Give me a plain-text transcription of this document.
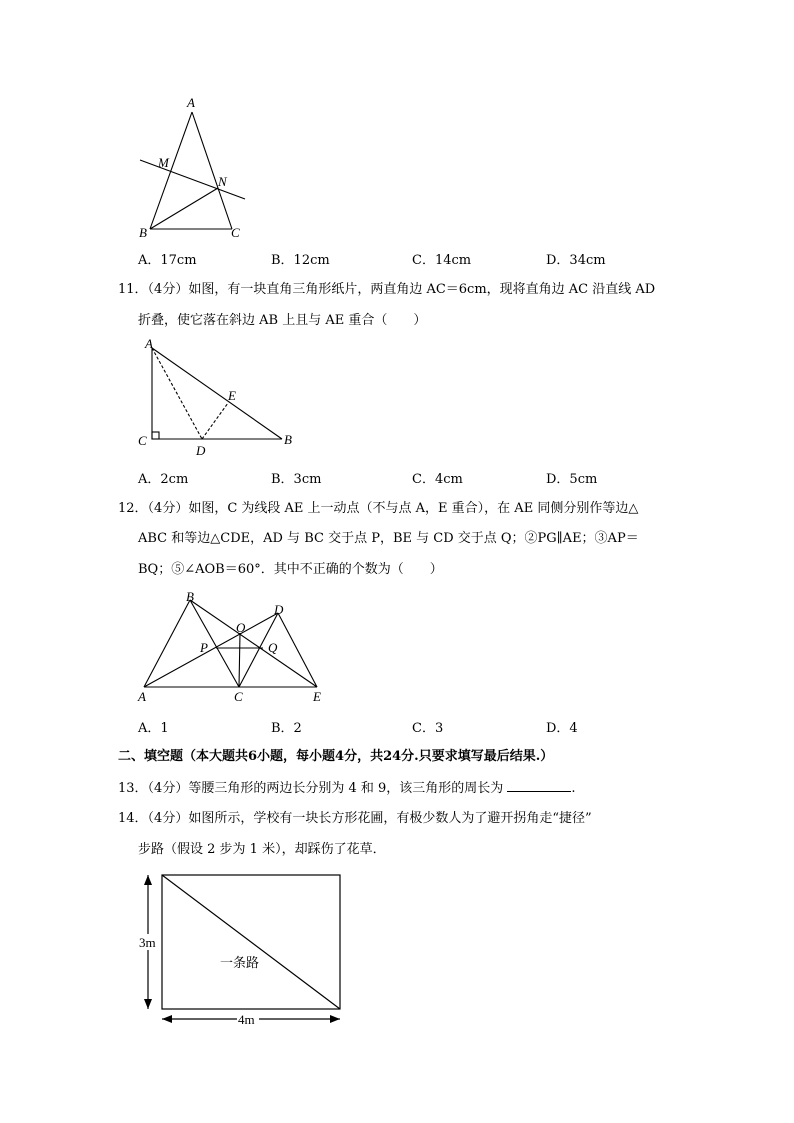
A
M
N
B	C
A．17cm	B．12cm	C．14cm	D．34cm
11．（4分）如图，有一块直角三角形纸片，两直角边 AC＝6cm，现将直角边 AC 沿直线 AD
折叠，使它落在斜边 AB 上且与 AE 重合（　　）
A
E
C
D
B
A．2cm	B．3cm	C．4cm	D．5cm
12．（4分）如图，C 为线段 AE 上一动点（不与点 A，E 重合），在 AE 同侧分别作等边△
ABC 和等边△CDE，AD 与 BC 交于点 P，BE 与 CD 交于点 Q；②PG∥AE；③AP＝
BQ；⑤∠AOB＝60°．其中不正确的个数为（　　）
B
D
O
P	Q
A	C	E
A．1	B．2	C．3	D．4
二、填空题（本大题共6小题，每小题4分，共24分.只要求填写最后结果.）
13．（4分）等腰三角形的两边长分别为 4 和 9，该三角形的周长为	.
14．（4分）如图所示，学校有一块长方形花圃，有极少数人为了避开拐角走“捷径”
步路（假设 2 步为 1 米），却踩伤了花草．
3m
4m
一条路
